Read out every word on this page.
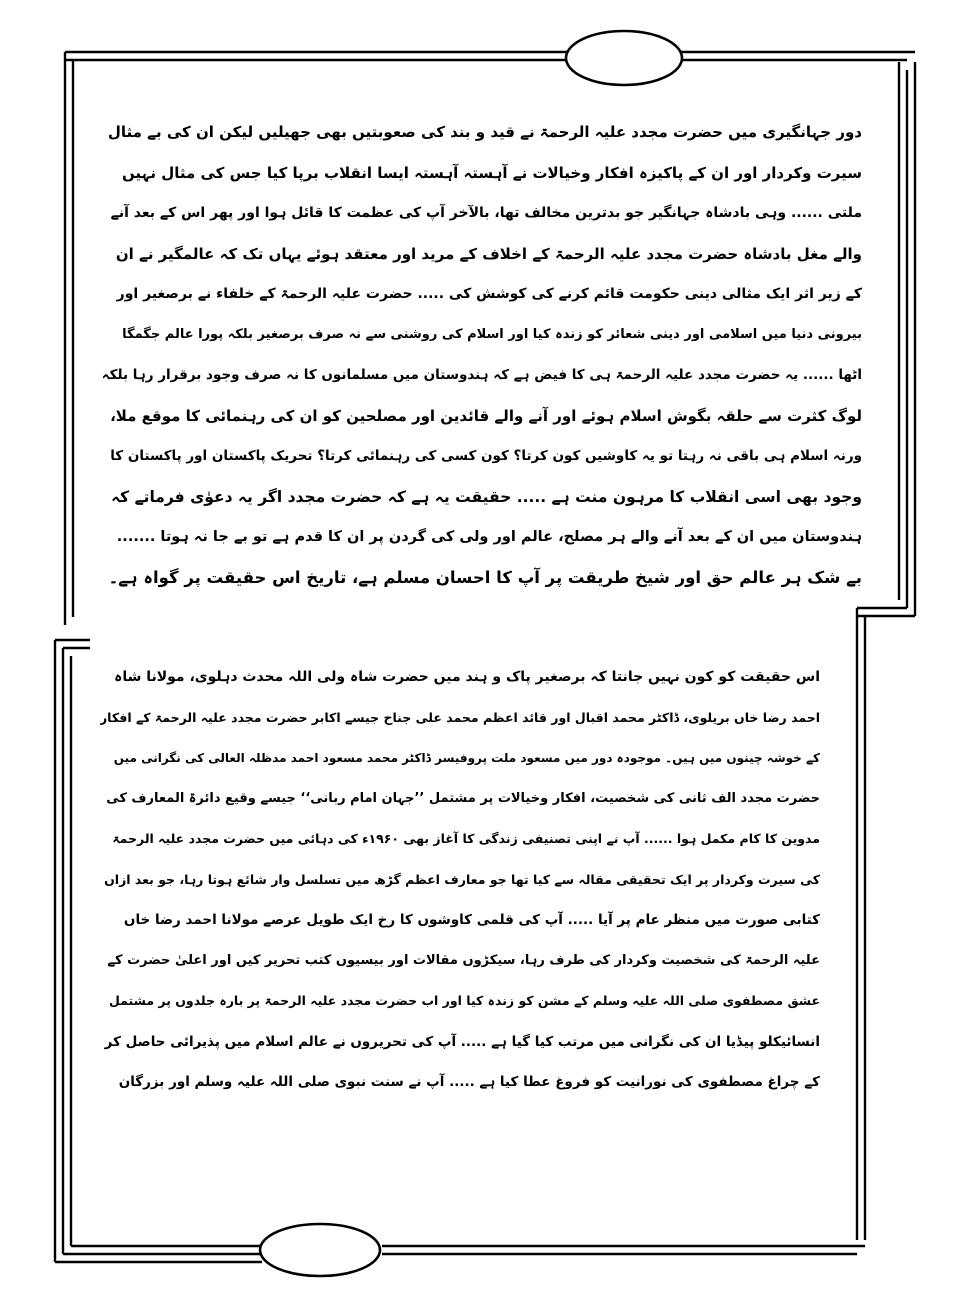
دور جہانگیری میں حضرت مجدد علیہ الرحمۃ نے قید و بند کی صعوبتیں بھی جھیلیں لیکن ان کی بے مثال
سیرت وکردار اور ان کے پاکیزہ افکار وخیالات نے آہستہ آہستہ ایسا انقلاب برپا کیا جس کی مثال نہیں
ملتی ...... وہی بادشاہ جہانگیر جو بدترین مخالف تھا، بالآخر آپ کی عظمت کا قائل ہوا اور پھر اس کے بعد آنے
والے مغل بادشاہ حضرت مجدد علیہ الرحمۃ کے اخلاف کے مرید اور معتقد ہوئے یہاں تک کہ عالمگیر نے ان
کے زیر اثر ایک مثالی دینی حکومت قائم کرنے کی کوشش کی ..... حضرت علیہ الرحمۃ کے خلفاء نے برصغیر اور
بیرونی دنیا میں اسلامی اور دینی شعائر کو زندہ کیا اور اسلام کی روشنی سے نہ صرف برصغیر بلکہ پورا عالم جگمگا
اٹھا ...... یہ حضرت مجدد علیہ الرحمۃ ہی کا فیض ہے کہ ہندوستان میں مسلمانوں کا نہ صرف وجود برقرار رہا بلکہ
لوگ کثرت سے حلقہ بگوش اسلام ہوئے اور آنے والے قائدین اور مصلحین کو ان کی رہنمائی کا موقع ملا،
ورنہ اسلام ہی باقی نہ رہتا تو یہ کاوشیں کون کرتا؟ کون کسی کی رہنمائی کرتا؟ تحریک پاکستان اور پاکستان کا
وجود بھی اسی انقلاب کا مرہون منت ہے ..... حقیقت یہ ہے کہ حضرت مجدد اگر یہ دعوٰی فرماتے کہ
ہندوستان میں ان کے بعد آنے والے ہر مصلح، عالم اور ولی کی گردن پر ان کا قدم ہے تو بے جا نہ ہوتا .......
بے شک ہر عالم حق اور شیخ طریقت پر آپ کا احسان مسلم ہے، تاریخ اس حقیقت پر گواہ ہے۔
اس حقیقت کو کون نہیں جانتا کہ برصغیر پاک و ہند میں حضرت شاہ ولی اللہ محدث دہلوی، مولانا شاہ
احمد رضا خاں بریلوی، ڈاکٹر محمد اقبال اور قائد اعظم محمد علی جناح جیسے اکابر حضرت مجدد علیہ الرحمۃ کے افکار
کے خوشہ چینوں میں ہیں۔ موجودہ دور میں مسعود ملت پروفیسر ڈاکٹر محمد مسعود احمد مدظلہ العالی کی نگرانی میں
حضرت مجدد الف ثانی کی شخصیت، افکار وخیالات پر مشتمل ’’جہان امام ربانی‘‘ جیسے وقیع دائرۃ المعارف کی
مدوین کا کام مکمل ہوا ...... آپ نے اپنی تصنیفی زندگی کا آغاز بھی ۱۹۶۰ء کی دہائی میں حضرت مجدد علیہ الرحمۃ
کی سیرت وکردار پر ایک تحقیقی مقالہ سے کیا تھا جو معارف اعظم گڑھ میں تسلسل وار شائع ہوتا رہا، جو بعد ازاں
کتابی صورت میں منظر عام پر آیا ..... آپ کی قلمی کاوشوں کا رخ ایک طویل عرصے مولانا احمد رضا خاں
علیہ الرحمۃ کی شخصیت وکردار کی طرف رہا، سیکڑوں مقالات اور بیسیوں کتب تحریر کیں اور اعلیٰ حضرت کے
عشق مصطفوی صلی اللہ علیہ وسلم کے مشن کو زندہ کیا اور اب حضرت مجدد علیہ الرحمۃ پر بارہ جلدوں پر مشتمل
انسائیکلو پیڈیا ان کی نگرانی میں مرتب کیا گیا ہے ..... آپ کی تحریروں نے عالم اسلام میں پذیرائی حاصل کر
کے چراغ مصطفوی کی نورانیت کو فروغ عطا کیا ہے ..... آپ نے سنت نبوی صلی اللہ علیہ وسلم اور بزرگان
